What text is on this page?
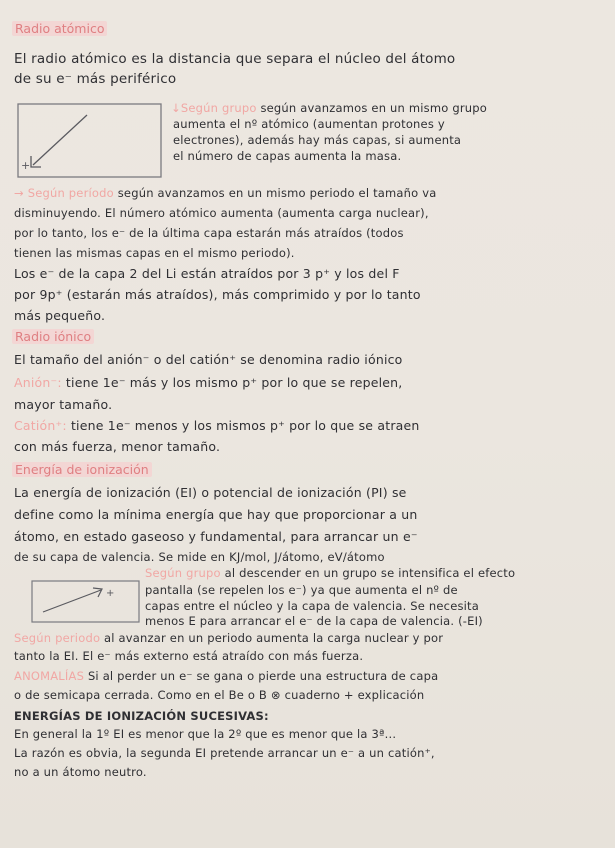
Radio atómico
El radio atómico es la distancia que separa el núcleo del átomo
de su e⁻ más periférico
+
↓Según grupo según avanzamos en un mismo grupo
aumenta el nº atómico (aumentan protones y
electrones), además hay más capas, si aumenta
el número de capas aumenta la masa.
→ Según período según avanzamos en un mismo periodo el tamaño va
disminuyendo. El número atómico aumenta (aumenta carga nuclear),
por lo tanto, los e⁻ de la última capa estarán más atraídos (todos
tienen las mismas capas en el mismo periodo).
Los e⁻ de la capa 2 del Li están atraídos por 3 p⁺ y los del F
por 9p⁺ (estarán más atraídos), más comprimido y por lo tanto
más pequeño.
Radio iónico
El tamaño del anión⁻ o del catión⁺ se denomina radio iónico
Anión⁻: tiene 1e⁻ más y los mismo p⁺ por lo que se repelen,
mayor tamaño.
Catión⁺: tiene 1e⁻ menos y los mismos p⁺ por lo que se atraen
con más fuerza, menor tamaño.
Energía de ionización
La energía de ionización (EI) o potencial de ionización (PI) se
define como la mínima energía que hay que proporcionar a un
átomo, en estado gaseoso y fundamental, para arrancar un e⁻
de su capa de valencia. Se mide en KJ/mol, J/átomo, eV/átomo
+
Según grupo al descender en un grupo se intensifica el efecto
pantalla (se repelen los e⁻) ya que aumenta el nº de
capas entre el núcleo y la capa de valencia. Se necesita
menos E para arrancar el e⁻ de la capa de valencia. (-EI)
Según periodo al avanzar en un periodo aumenta la carga nuclear y por
tanto la EI. El e⁻ más externo está atraído con más fuerza.
ANOMALÍAS Si al perder un e⁻ se gana o pierde una estructura de capa
o de semicapa cerrada. Como en el Be o B ⊗ cuaderno + explicación
ENERGÍAS DE IONIZACIÓN SUCESIVAS:
En general la 1º EI es menor que la 2º que es menor que la 3ª...
La razón es obvia, la segunda EI pretende arrancar un e⁻ a un catión⁺,
no a un átomo neutro.
